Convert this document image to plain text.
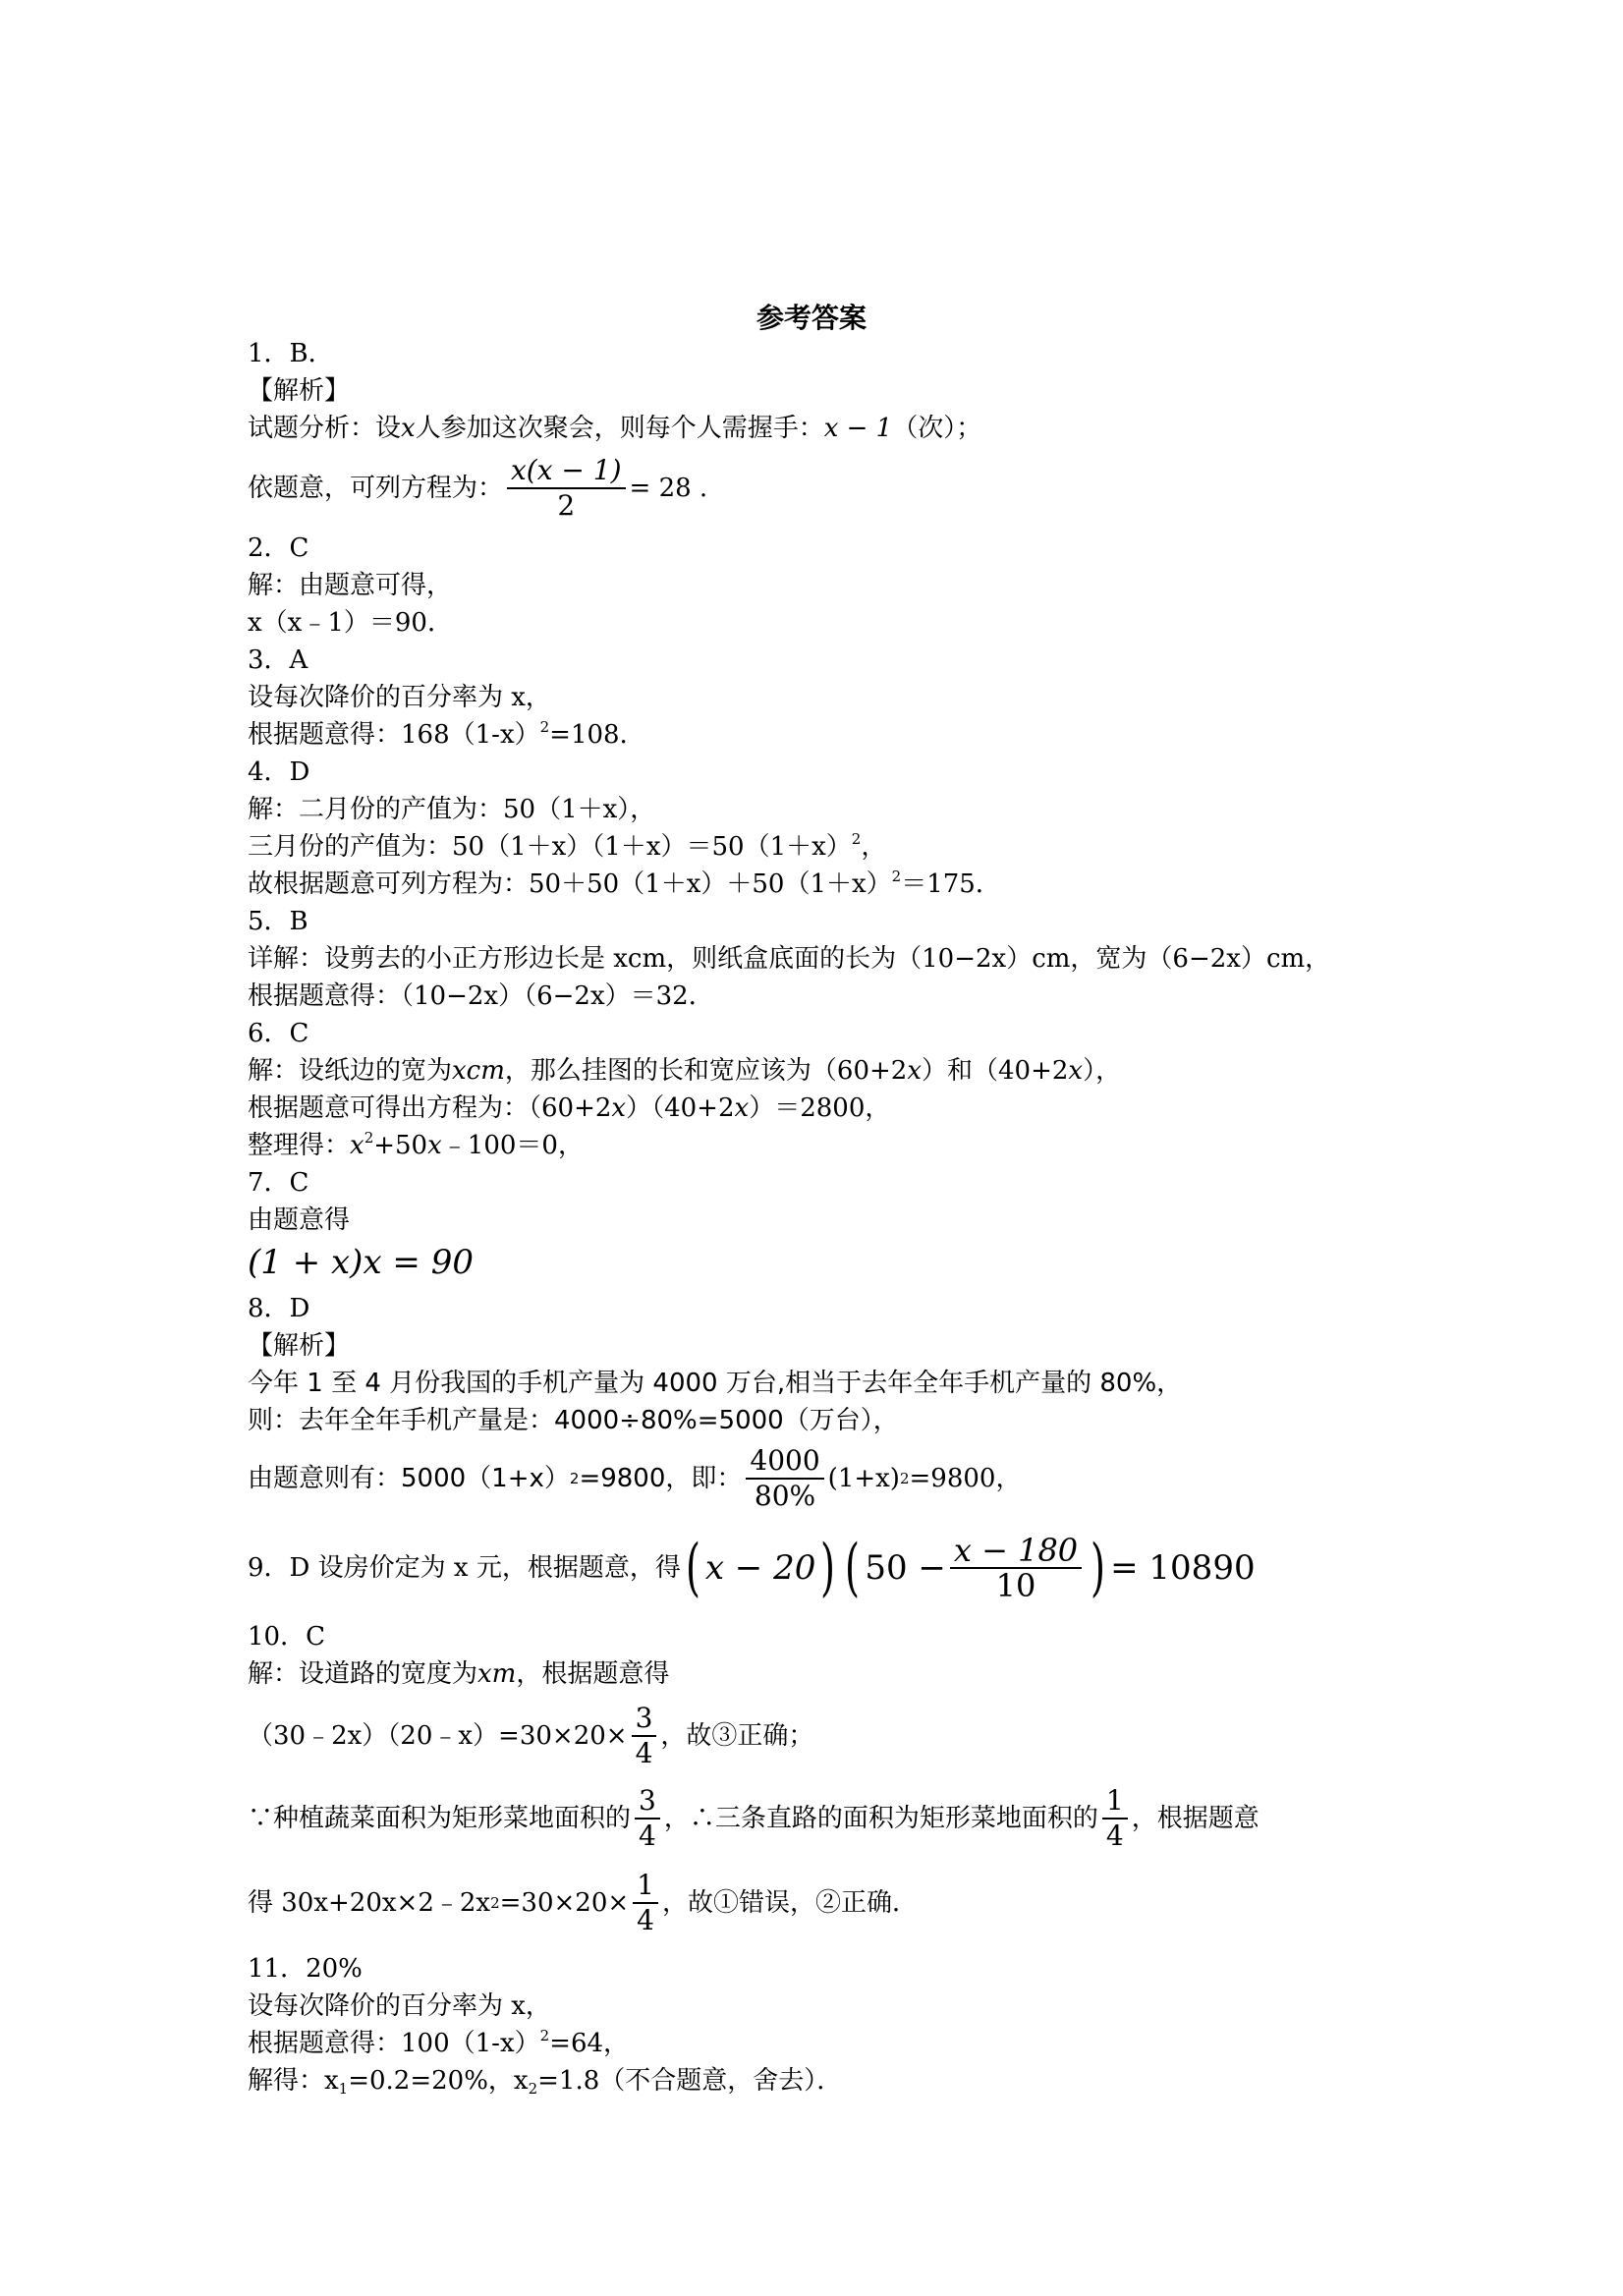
参考答案
1．B．
【解析】
试题分析：设x人参加这次聚会，则每个人需握手：x − 1（次）；
依题意，可列方程为： $\frac{x(x - 1)}{2} = 28$ .
2．C
解：由题意可得，
x（x﹣1）＝90．
3．A
设每次降价的百分率为 x，
根据题意得：$168(1-x)^2=108$．
4．D
解：二月份的产值为：50（1＋x），
三月份的产值为：$50(1+x)(1+x)=50(1+x)^2$，
故根据题意可列方程为：$50+50(1+x)+50(1+x)^2=175$．
5．B
详解：设剪去的小正方形边长是 xcm，则纸盒底面的长为（10−2x）cm，宽为（6−2x）cm，
根据题意得：（10−2x）（6−2x）＝32．
6．C
解：设纸边的宽为xcm，那么挂图的长和宽应该为（60+2x）和（40+2x），
根据题意可得出方程为：（60+2x）（40+2x）＝2800，
整理得：$x^2+50x﹣100=0$，
7．C
由题意得
(1 + x)x = 90
8．D
【解析】
今年 1 至 4 月份我国的手机产量为 4000 万台,相当于去年全年手机产量的 80%，
则：去年全年手机产量是：4000÷80%=5000（万台），
由题意则有：5000（1+x） 2 =9800，即： $\frac{4000}{80\%} (1+x)$ 2 =9800，
9．D 设房价定为 x 元，根据题意，得 ( x − 20 ) ( $50 - \frac{x - 180}{10}$ ) = 10890
10．C
解：设道路的宽度为xm，根据题意得
（30﹣2x）（20﹣x）=30×20× $\frac{3}{4}$ ，故③正确；
∵种植蔬菜面积为矩形菜地面积的 $\frac{3}{4}$ ，∴三条直路的面积为矩形菜地面积的 $\frac{1}{4}$ ，根据题意
得 30x+20x×2﹣2x $2 =30\times 20\times \frac{1}{4}$ ，故①错误，②正确．
11．20%
设每次降价的百分率为 x，
根据题意得：$100(1-x)^2=64$，
解得：$x_1=0.2=20\%$，$x_2=1.8$（不合题意，舍去）．
